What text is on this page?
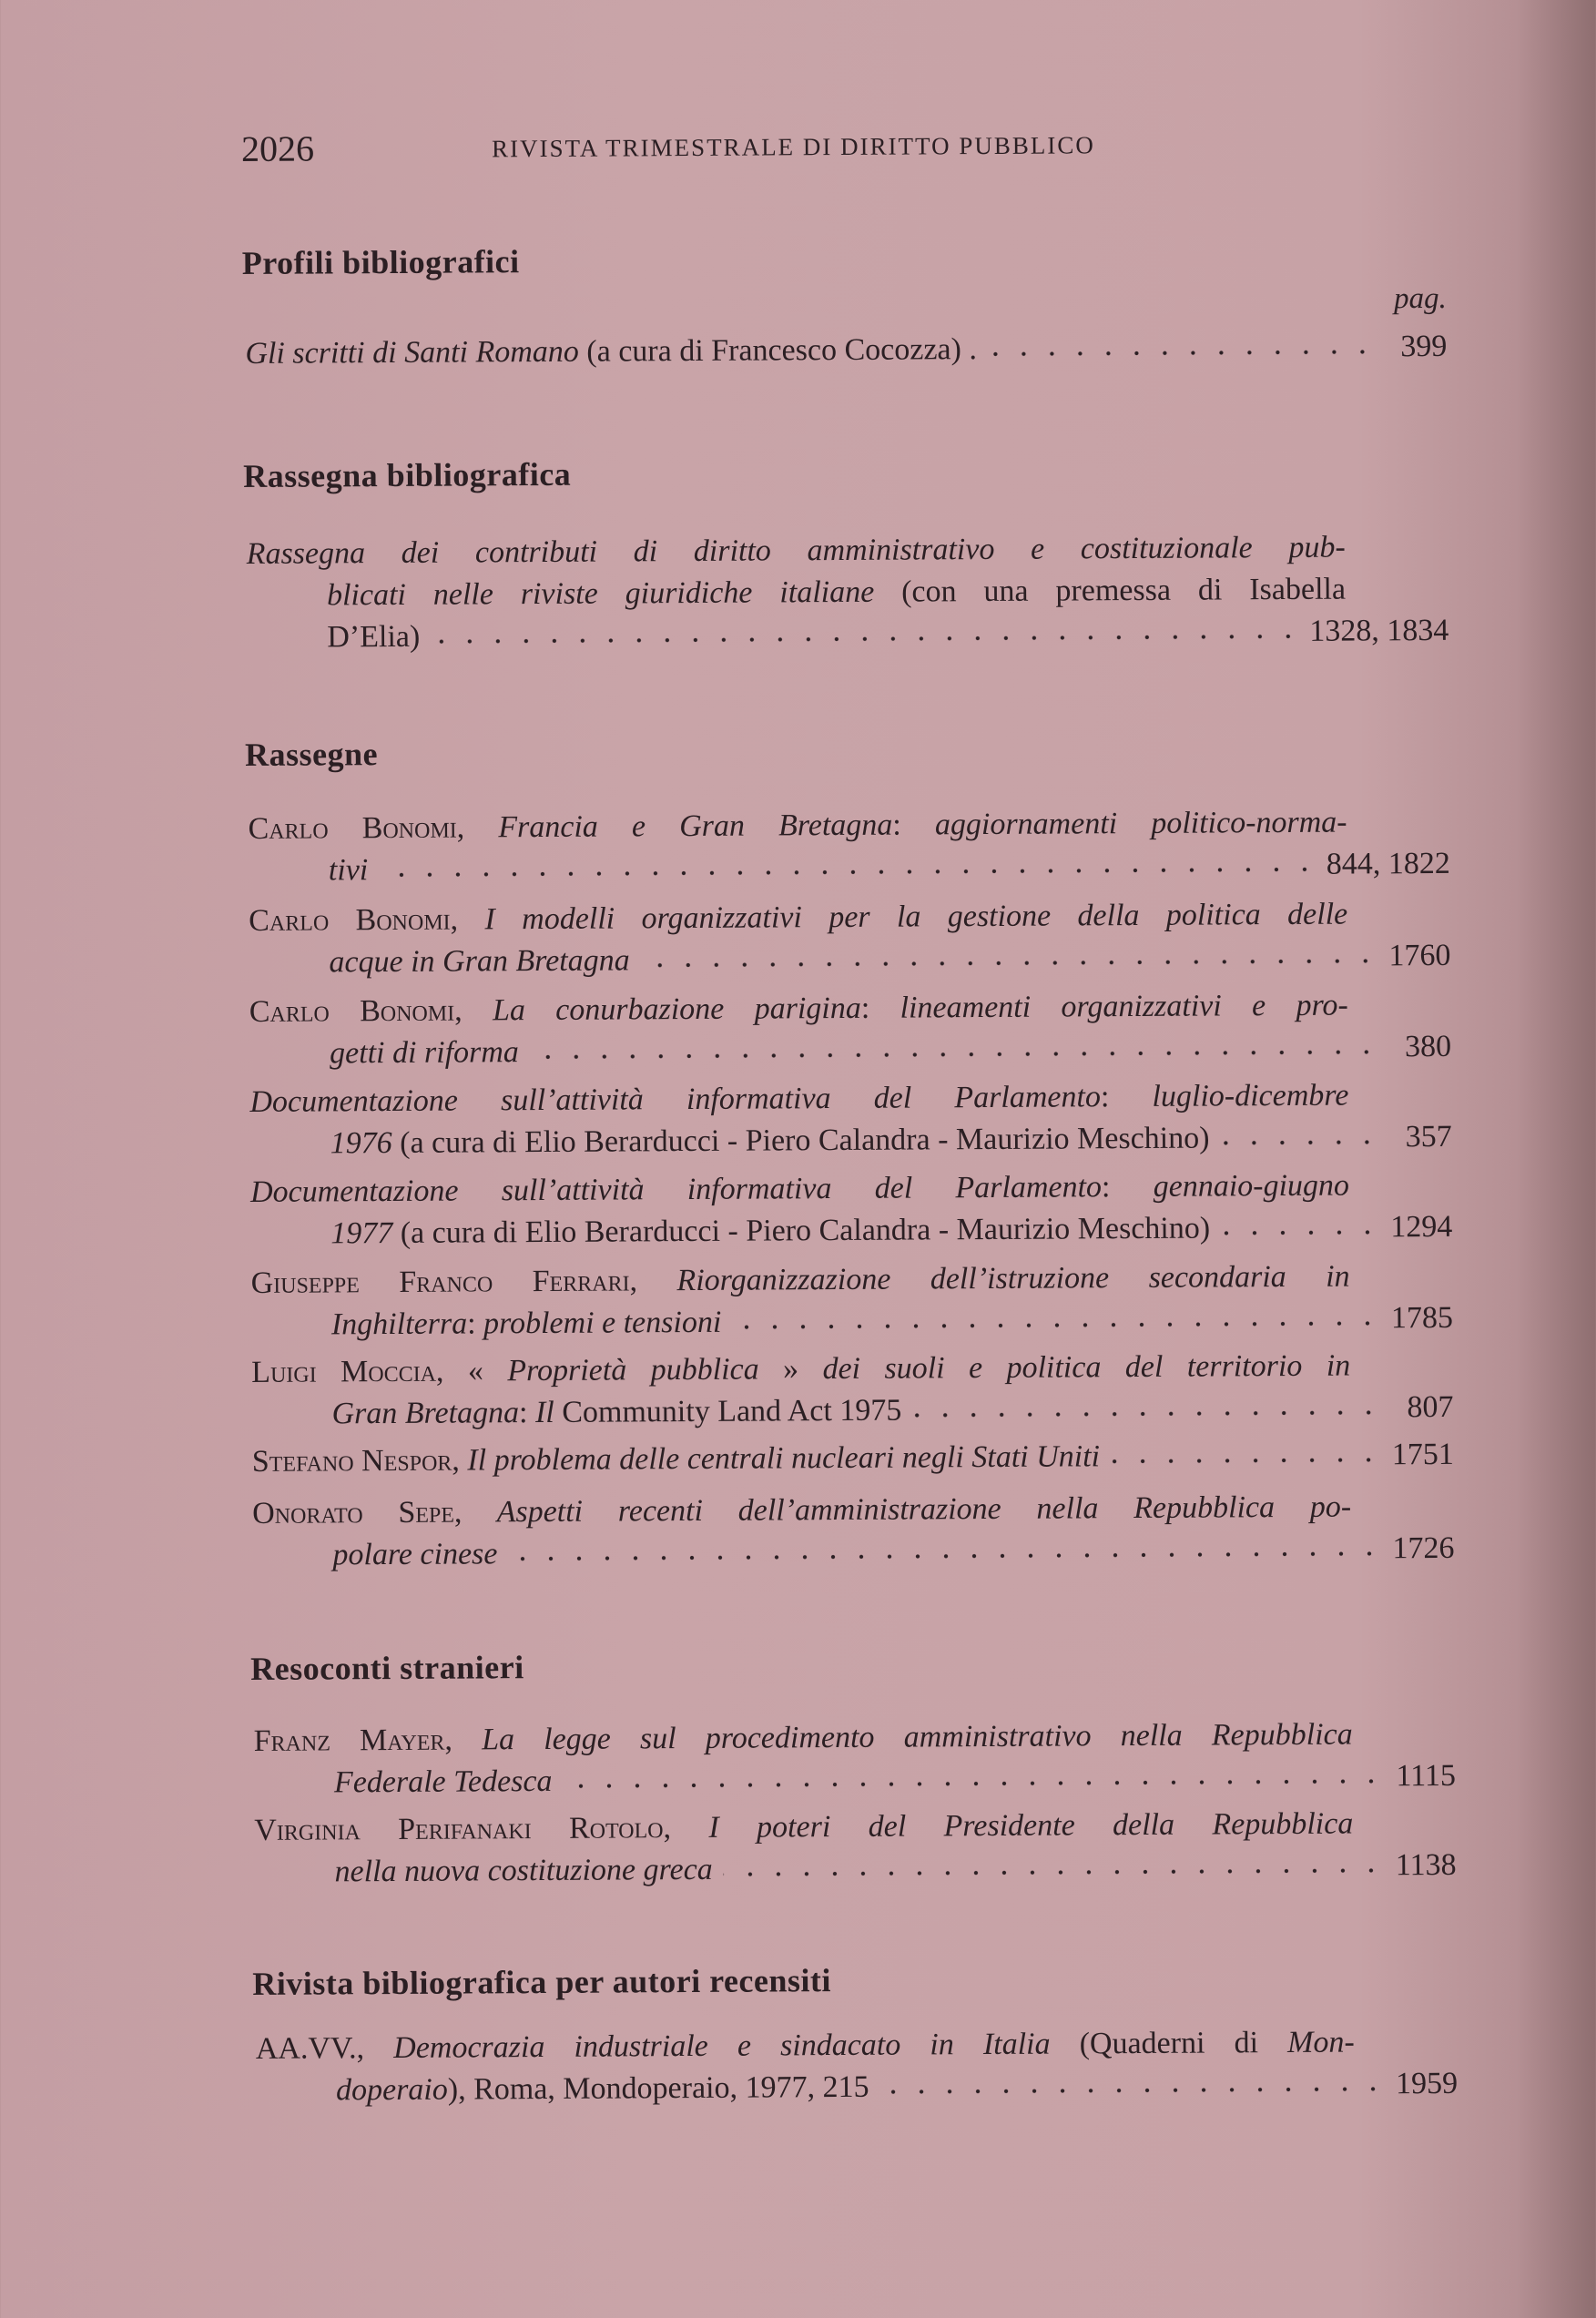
2026	RIVISTA TRIMESTRALE DI DIRITTO PUBBLICO
pag.
Profili bibliografici
Gli scritti di Santi Romano (a cura di Francesco Cocozza) .	399
Rassegna bibliografica
Rassegna dei contributi di diritto amministrativo e costituzionale pub-
blicati nelle riviste giuridiche italiane (con una premessa di Isabella
D’Elia)	1328, 1834
Rassegne
Carlo Bonomi, Francia e Gran Bretagna: aggiornamenti politico-norma-
tivi	844, 1822
Carlo Bonomi, I modelli organizzativi per la gestione della politica delle
acque in Gran Bretagna	1760
Carlo Bonomi, La conurbazione parigina: lineamenti organizzativi e pro-
getti di riforma	380
Documentazione sull’attività informativa del Parlamento: luglio-dicembre
1976 (a cura di Elio Berarducci - Piero Calandra - Maurizio Meschino)	357
Documentazione sull’attività informativa del Parlamento: gennaio-giugno
1977 (a cura di Elio Berarducci - Piero Calandra - Maurizio Meschino)	1294
Giuseppe Franco Ferrari, Riorganizzazione dell’istruzione secondaria in
Inghilterra: problemi e tensioni	1785
Luigi Moccia, « Proprietà pubblica » dei suoli e politica del territorio in
Gran Bretagna: Il Community Land Act 1975	807
Stefano Nespor, Il problema delle centrali nucleari negli Stati Uniti	1751
Onorato Sepe, Aspetti recenti dell’amministrazione nella Repubblica po-
polare cinese	1726
Resoconti stranieri
Franz Mayer, La legge sul procedimento amministrativo nella Repubblica
Federale Tedesca	1115
Virginia Perifanaki Rotolo, I poteri del Presidente della Repubblica
nella nuova costituzione greca	1138
Rivista bibliografica per autori recensiti
AA.VV., Democrazia industriale e sindacato in Italia (Quaderni di Mon-
doperaio), Roma, Mondoperaio, 1977, 215	1959
